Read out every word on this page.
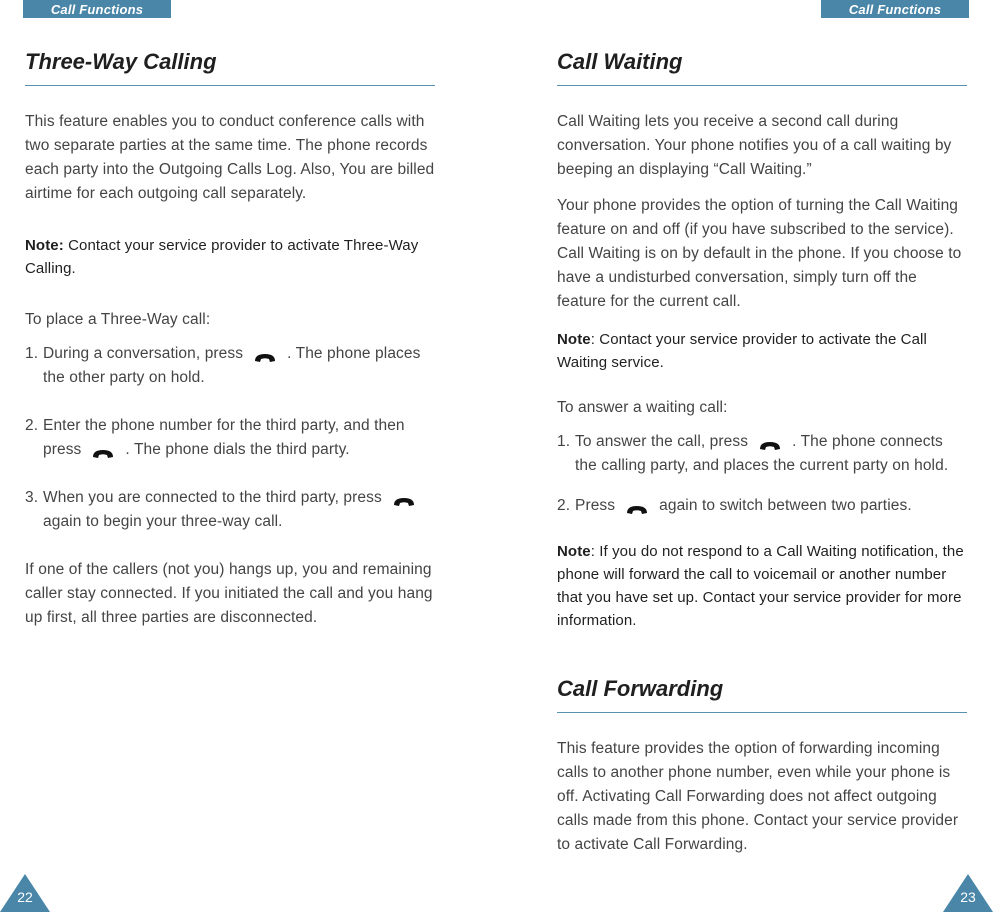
Call Functions	Call Functions
Three-Way Calling

This feature enables you to conduct conference calls with two separate parties at the same time. The phone records each party into the Outgoing Calls Log. Also, You are billed airtime for each outgoing call separately.

Note: Contact your service provider to activate Three-Way Calling.

To place a Three-Way call:

1. During a conversation, press	. The phone places the other party on hold.
2. Enter the phone number for the third party, and then press	. The phone dials the third party.
3. When you are connected to the third party, pressagain to begin your three-way call.

If one of the callers (not you) hangs up, you and remaining caller stay connected. If you initiated the call and you hang up first, all three parties are disconnected.

Call Waiting

Call Waiting lets you receive a second call during conversation. Your phone notifies you of a call waiting by beeping an displaying “Call Waiting.”

Your phone provides the option of turning the Call Waiting feature on and off (if you have subscribed to the service). Call Waiting is on by default in the phone. If you choose to have a undisturbed conversation, simply turn off the feature for the current call.

Note: Contact your service provider to activate the Call Waiting service.

To answer a waiting call:

1. To answer the call, press	. The phone connects the calling party, and places the current party on hold.
2. Press	again to switch between two parties.

Note: If you do not respond to a Call Waiting notification, the phone will forward the call to voicemail or another number that you have set up. Contact your service provider for more information.

Call Forwarding

This feature provides the option of forwarding incoming calls to another phone number, even while your phone is off. Activating Call Forwarding does not affect outgoing calls made from this phone. Contact your service provider to activate Call Forwarding.

22	23
